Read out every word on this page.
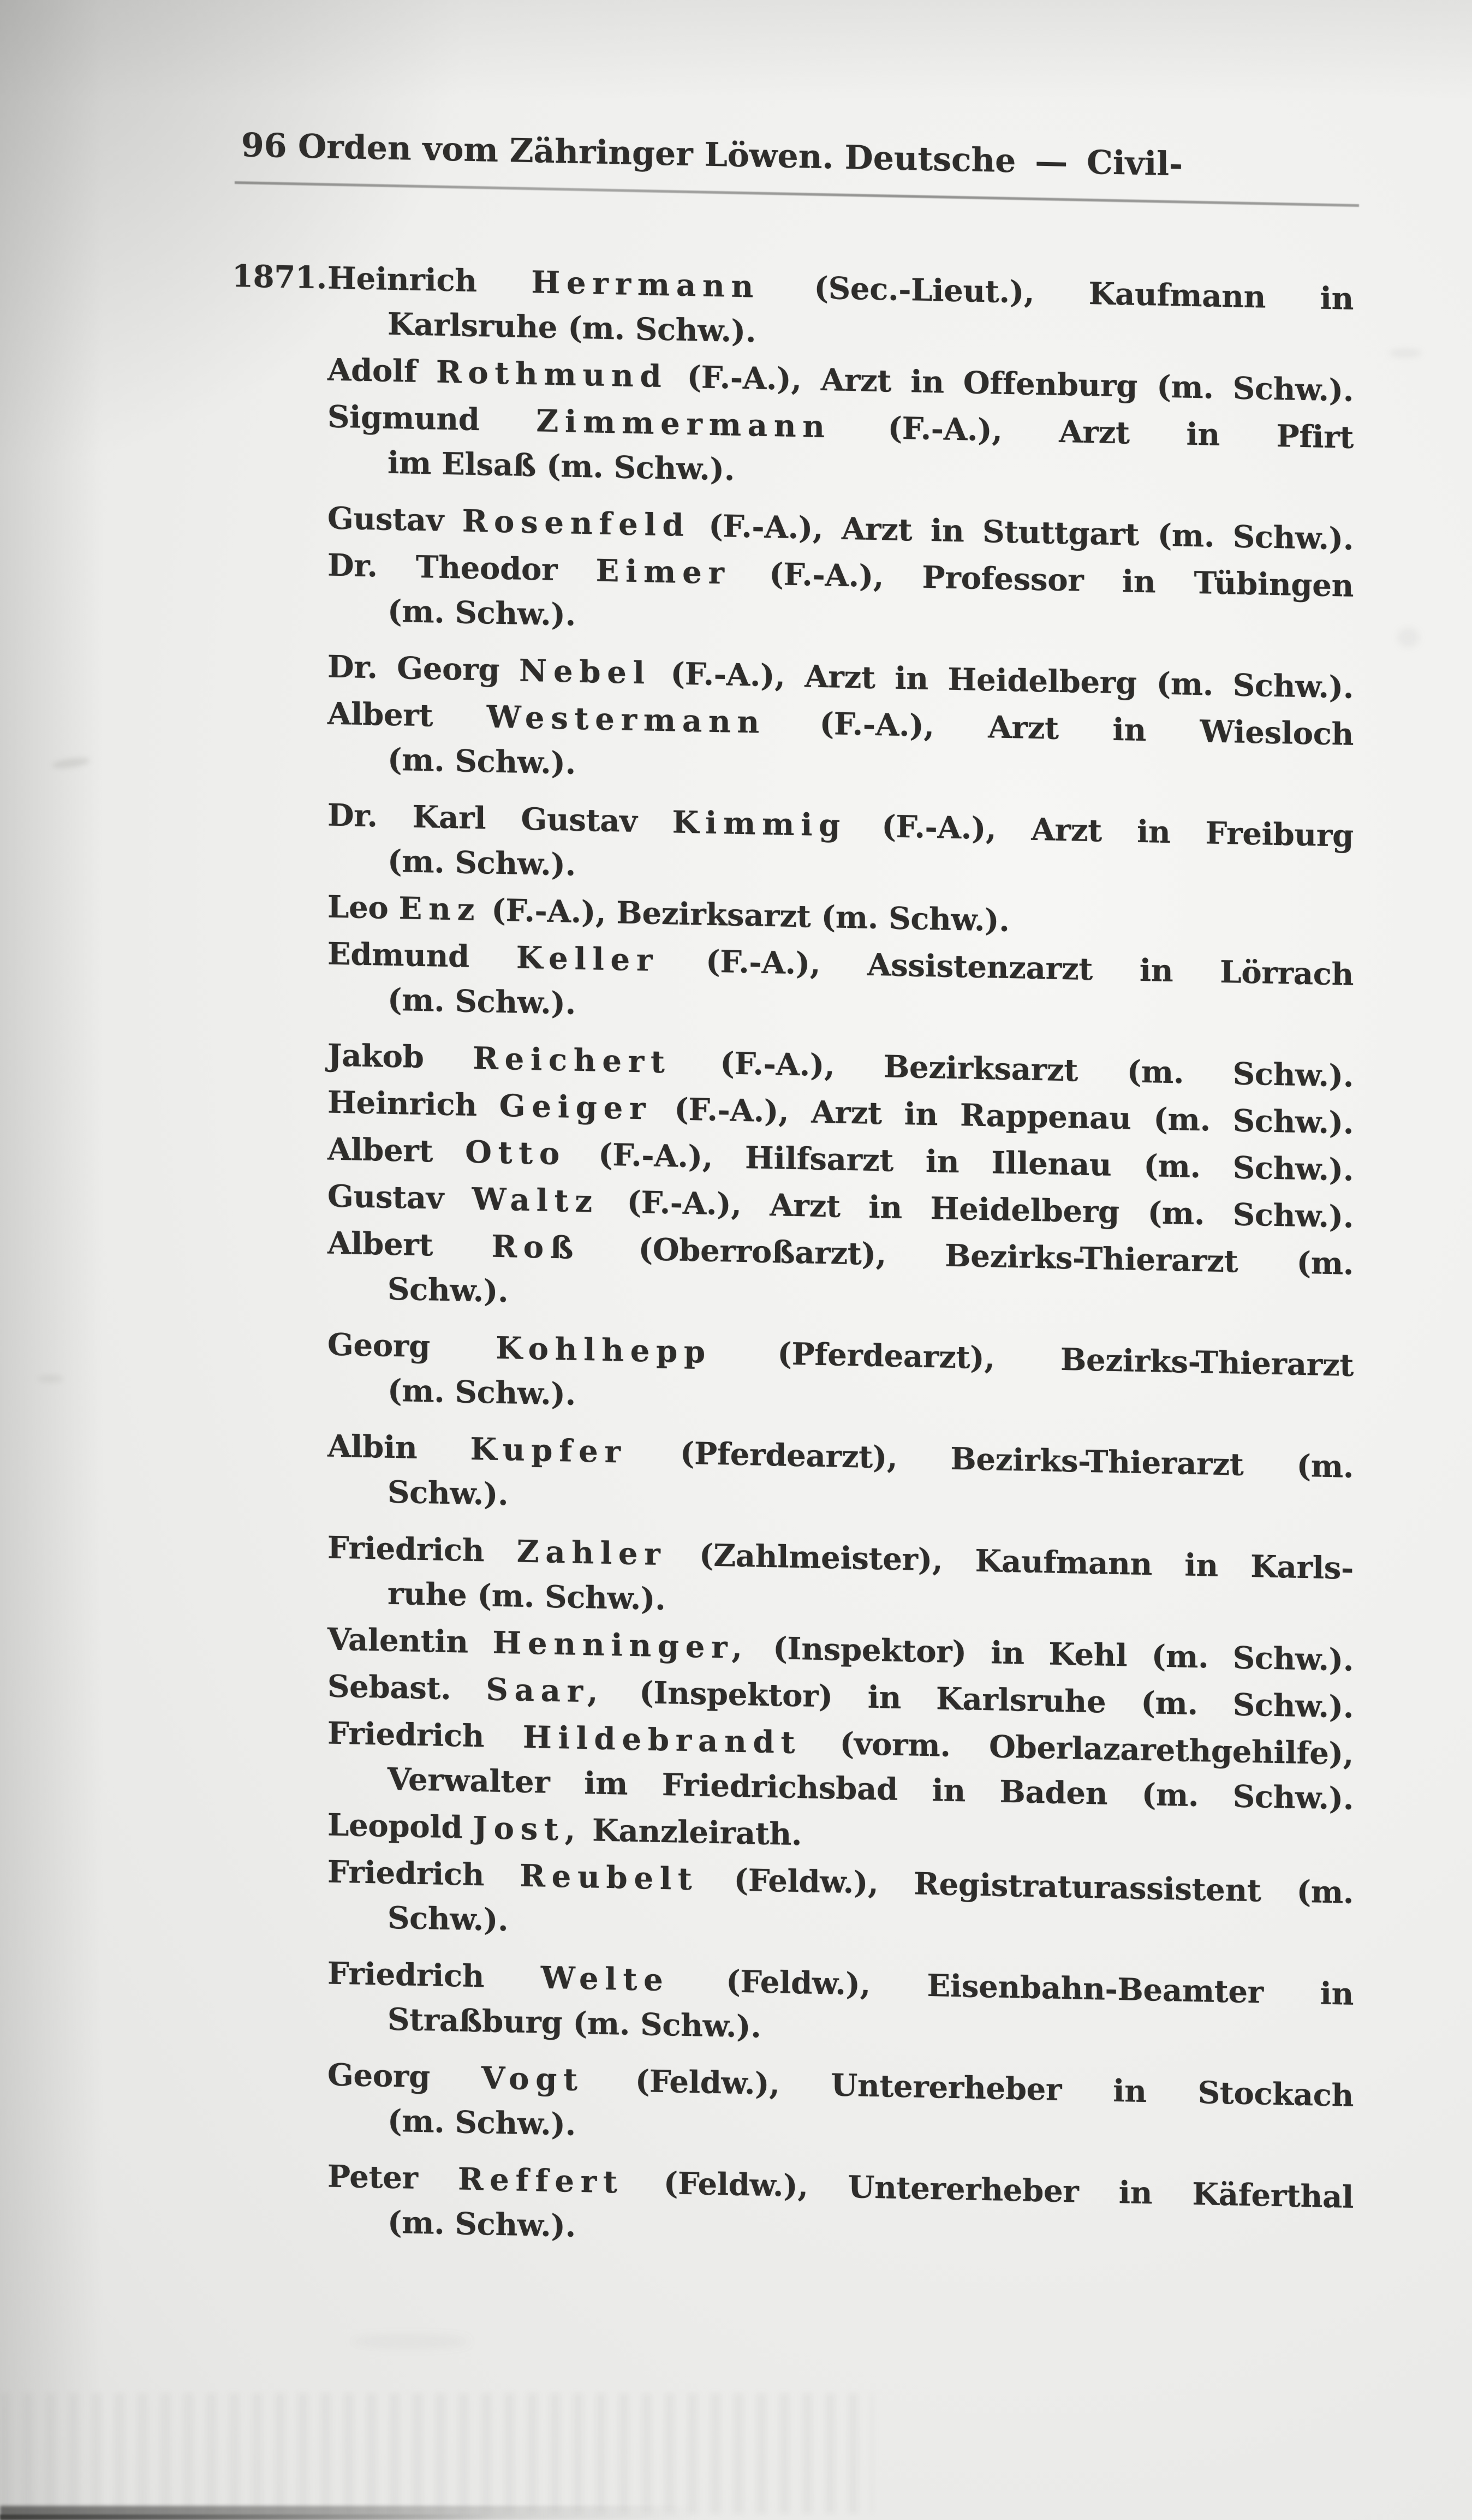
96 Orden vom Zähringer Löwen. Deutsche — Civil-
1871. Heinrich Herrmann (Sec.-Lieut.), Kaufmann in
Karlsruhe (m. Schw.).
Adolf Rothmund (F.-A.), Arzt in Offenburg (m. Schw.).
Sigmund Zimmermann (F.-A.), Arzt in Pfirt
im Elsaß (m. Schw.).
Gustav Rosenfeld (F.-A.), Arzt in Stuttgart (m. Schw.).
Dr. Theodor Eimer (F.-A.), Professor in Tübingen
(m. Schw.).
Dr. Georg Nebel (F.-A.), Arzt in Heidelberg (m. Schw.).
Albert Westermann (F.-A.), Arzt in Wiesloch
(m. Schw.).
Dr. Karl Gustav Kimmig (F.-A.), Arzt in Freiburg
(m. Schw.).
Leo Enz (F.-A.), Bezirksarzt (m. Schw.).
Edmund Keller (F.-A.), Assistenzarzt in Lörrach
(m. Schw.).
Jakob Reichert (F.-A.), Bezirksarzt (m. Schw.).
Heinrich Geiger (F.-A.), Arzt in Rappenau (m. Schw.).
Albert Otto (F.-A.), Hilfsarzt in Illenau (m. Schw.).
Gustav Waltz (F.-A.), Arzt in Heidelberg (m. Schw.).
Albert Roß (Oberroßarzt), Bezirks-Thierarzt (m.
Schw.).
Georg Kohlhepp (Pferdearzt), Bezirks-Thierarzt
(m. Schw.).
Albin Kupfer (Pferdearzt), Bezirks-Thierarzt (m.
Schw.).
Friedrich Zahler (Zahlmeister), Kaufmann in Karls-
ruhe (m. Schw.).
Valentin Henninger, (Inspektor) in Kehl (m. Schw.).
Sebast. Saar, (Inspektor) in Karlsruhe (m. Schw.).
Friedrich Hildebrandt (vorm. Oberlazarethgehilfe),
Verwalter im Friedrichsbad in Baden (m. Schw.).
Leopold Jost, Kanzleirath.
Friedrich Reubelt (Feldw.), Registraturassistent (m.
Schw.).
Friedrich Welte (Feldw.), Eisenbahn-Beamter in
Straßburg (m. Schw.).
Georg Vogt (Feldw.), Untererheber in Stockach
(m. Schw.).
Peter Reffert (Feldw.), Untererheber in Käferthal
(m. Schw.).
